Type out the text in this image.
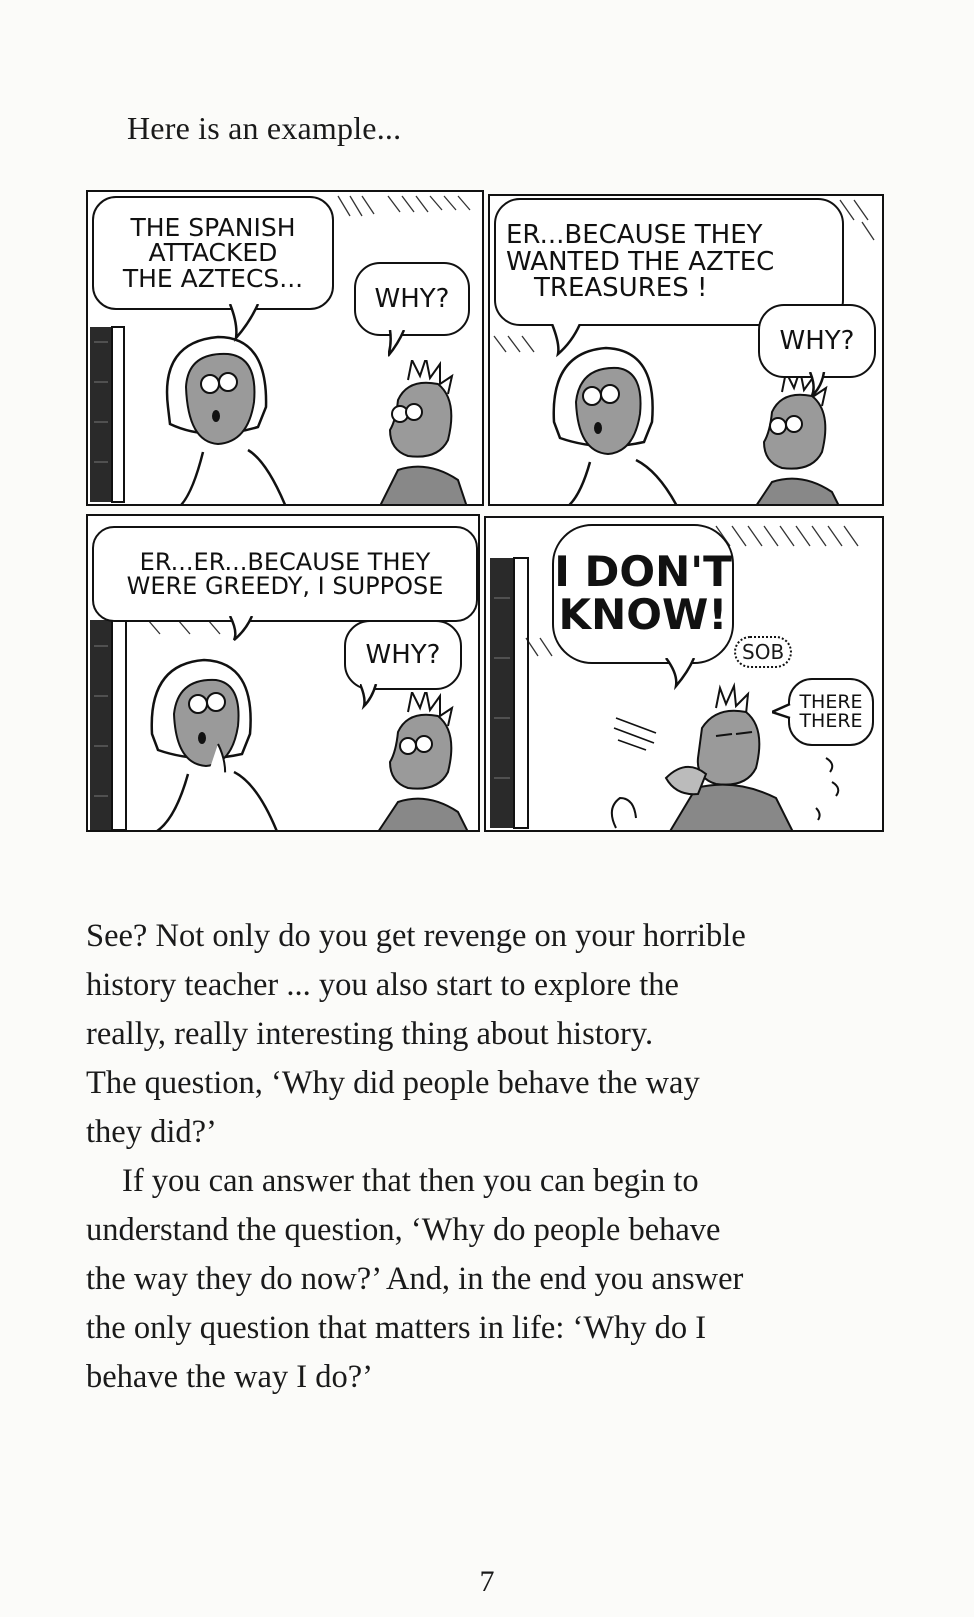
Here is an example...
THE SPANISH
ATTACKED
THE AZTECS...
WHY?
ER...BECAUSE THEY
WANTED THE AZTEC
TREASURES !
WHY?
ER...ER...BECAUSE THEY
WERE GREEDY, I SUPPOSE
WHY?
I DON'T
KNOW!
SOB
THERE
THERE

See? Not only do you get revenge on your horrible

history teacher ... you also start to explore the

really, really interesting thing about history.

The question, ‘Why did people behave the way

they did?’

If you can answer that then you can begin to

understand the question, ‘Why do people behave

the way they do now?’ And, in the end you answer

the only question that matters in life: ‘Why do I

behave the way I do?’

7
